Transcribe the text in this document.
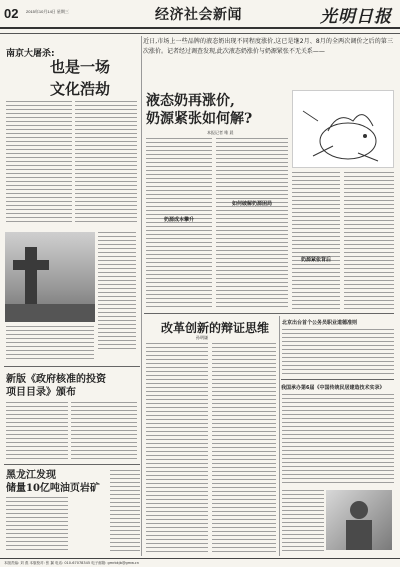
02 2015年10月14日 星期三	经济社会新闻	光明日报
南京大屠杀:
也是一场
文化浩劫
新版《政府核准的投资
项目目录》颁布
黑龙江发现
储量10亿吨油页岩矿

近日,市场上一些品牌的液态奶出现不同程度涨价,这已是继2月、8月的全两次调价之后的第三次涨价。记者经过调查发现,此次液态奶涨价与奶源紧张不无关系——

液态奶再涨价,
奶源紧张如何解?
本报记者 唯 晨
奶源成本攀升
如何破解奶源困局
奶源紧张背后
改革创新的辩证思维
孙明谦
北京出台首个公务员职业道德准则
我国承办第6届《中国传统民居建造技术实录》
本版责编: 刘 燕 本版校对: 张 翼 电话: 010-67078345 电子邮箱: gmrbkjb@gmw.cn
